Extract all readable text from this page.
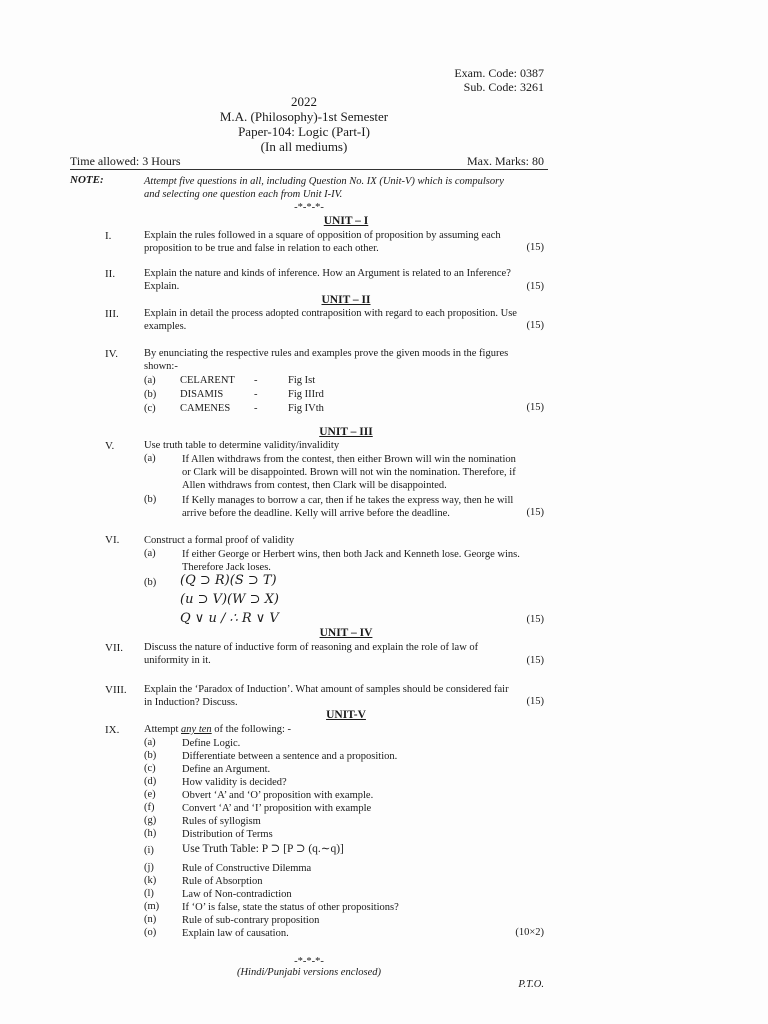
Exam. Code: 0387
Sub. Code: 3261
2022
M.A. (Philosophy)-1st Semester
Paper-104: Logic (Part-I)
(In all mediums)
Time allowed: 3 Hours	Max. Marks: 80
NOTE:	Attempt five questions in all, including Question No. IX (Unit-V) which is compulsory
and selecting one question each from Unit I-IV.
-*-*-*-
UNIT – I
I.	Explain the rules followed in a square of opposition of proposition by assuming each
proposition to be true and false in relation to each other.	(15)
II.	Explain the nature and kinds of inference. How an Argument is related to an Inference?
Explain.	(15)
UNIT – II
III. Explain in detail the process adopted contraposition with regard to each proposition. Use
examples.	(15)
IV. By enunciating the respective rules and examples prove the given moods in the figures
shown:-
(a) CELARENT -	Fig Ist
(b) DISAMIS	-	Fig IIIrd
(c) CAMENES -	Fig IVth	(15)
UNIT – III
V.	Use truth table to determine validity/invalidity
(a)	If Allen withdraws from the contest, then either Brown will win the nomination
or Clark will be disappointed. Brown will not win the nomination. Therefore, if
Allen withdraws from contest, then Clark will be disappointed.
(b) If Kelly manages to borrow a car, then if he takes the express way, then he will
arrive before the deadline. Kelly will arrive before the deadline.	(15)
VI. Construct a formal proof of validity
(a)	If either George or Herbert wins, then both Jack and Kenneth lose. George wins.
Therefore Jack loses.
(b) (Q ⊃ R)(S ⊃ T)
(u ⊃ V)(W ⊃ X)
Q ∨ u / ∴ R ∨ V	(15)
UNIT – IV
VII. Discuss the nature of inductive form of reasoning and explain the role of law of
uniformity in it.	(15)
VIII. Explain the ‘Paradox of Induction’. What amount of samples should be considered fair
in Induction? Discuss.	(15)
UNIT-V
IX. Attempt any ten of the following: -
(a)	Define Logic.
(b) Differentiate between a sentence and a proposition.
(c)	Define an Argument.
(d) How validity is decided?
(e)	Obvert ‘A’ and ‘O’ proposition with example.
(f)	Convert ‘A’ and ‘I’ proposition with example
(g) Rules of syllogism
(h) Distribution of Terms
(i) Use Truth Table: P ⊃ [P ⊃ (q.∼q)]
(j)	Rule of Constructive Dilemma
(k) Rule of Absorption
(l)	Law of Non-contradiction
(m) If ‘O’ is false, state the status of other propositions?
(n) Rule of sub-contrary proposition
(o) Explain law of causation.	(10×2)
-*-*-*-
(Hindi/Punjabi versions enclosed)
P.T.O.
